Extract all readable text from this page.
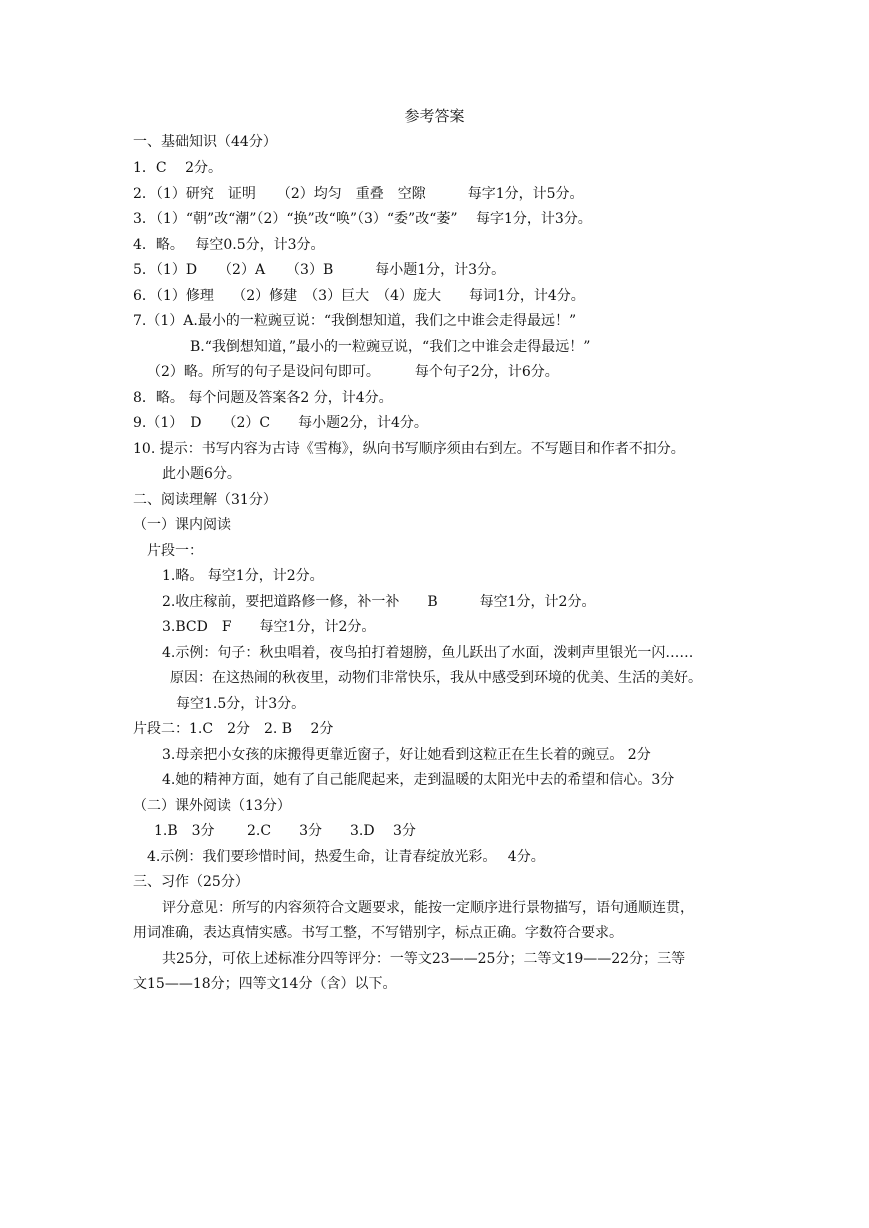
参考答案
一、基础知识（44分）
1．C　 2分。
2．（1）研究　证明　　（2）均匀　重叠　空隙　　　每字1分，计5分。
3．（1）“朝”改“潮”（2）“换”改“唤”（3）“委”改“萎”　 每字1分，计3分。
4．略。　 每空0.5分，计3分。
5．（1）D　　（2）A　　（3）B　　　每小题1分，计3分。
6．（1）修理　 （2）修建　（3）巨大　（4）庞大　　每词1分，计4分。
7.（1）A.最小的一粒豌豆说：“我倒想知道，我们之中谁会走得最远！”
B.“我倒想知道，”最小的一粒豌豆说，“我们之中谁会走得最远！”
（2）略。所写的句子是设问句即可。　　　每个句子2分，计6分。
8．略。 每个问题及答案各2 分，计4分。
9.（1）　D　　（2）C　　每小题2分，计4分。
10. 提示：书写内容为古诗《雪梅》，纵向书写顺序须由右到左。不写题目和作者不扣分。
此小题6分。
二、阅读理解（31分）
（一）课内阅读
片段一：
1.略。 每空1分，计2分。
2.收庄稼前，要把道路修一修，补一补　　B　　　每空1分，计2分。
3.BCD　F　　每空1分，计2分。
4.示例：句子：秋虫唱着，夜鸟拍打着翅膀，鱼儿跃出了水面，泼剌声里银光一闪……
原因：在这热闹的秋夜里，动物们非常快乐，我从中感受到环境的优美、生活的美好。
每空1.5分，计3分。
片段二：1.C　2分　2. B　 2分
3.母亲把小女孩的床搬得更靠近窗子，好让她看到这粒正在生长着的豌豆。 2分
4.她的精神方面，她有了自己能爬起来，走到温暖的太阳光中去的希望和信心。3分
（二）课外阅读（13分）
1.B　3分　　 2.C　　3分　　3.D　 3分
4.示例：我们要珍惜时间，热爱生命，让青春绽放光彩。　 4分。
三、习作（25分）
评分意见：所写的内容须符合文题要求，能按一定顺序进行景物描写，语句通顺连贯，
用词准确，表达真情实感。书写工整，不写错别字，标点正确。字数符合要求。
共25分，可依上述标准分四等评分：一等文23——25分；二等文19——22分；三等
文15——18分；四等文14分（含）以下。
